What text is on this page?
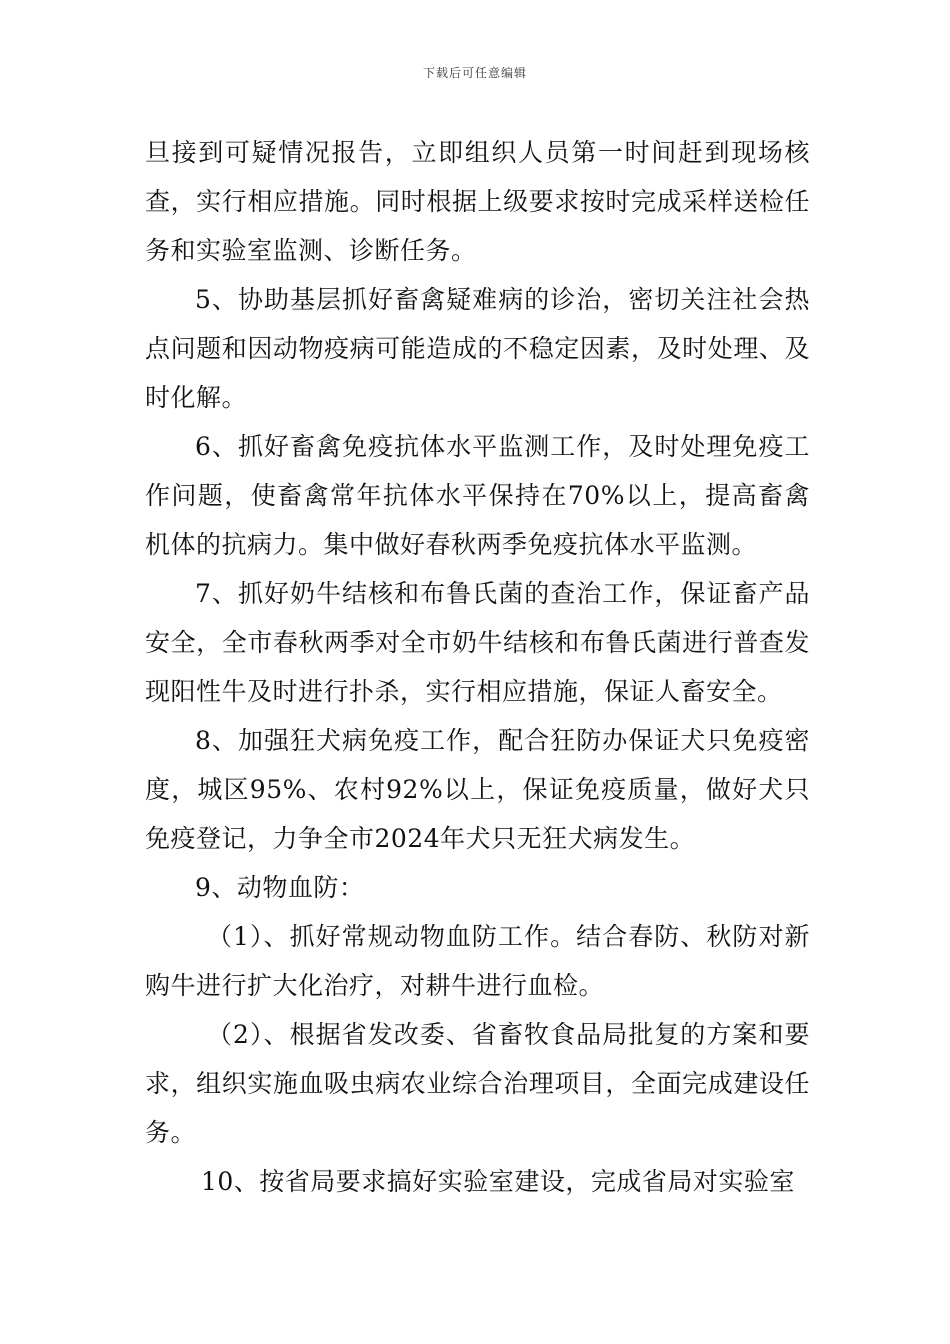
下载后可任意编辑

旦接到可疑情况报告，立即组织人员第一时间赶到现场核查，实行相应措施。同时根据上级要求按时完成采样送检任务和实验室监测、诊断任务。

5、协助基层抓好畜禽疑难病的诊治，密切关注社会热点问题和因动物疫病可能造成的不稳定因素，及时处理、及时化解。

6、抓好畜禽免疫抗体水平监测工作，及时处理免疫工作问题，使畜禽常年抗体水平保持在70%以上，提高畜禽机体的抗病力。集中做好春秋两季免疫抗体水平监测。

7、抓好奶牛结核和布鲁氏菌的查治工作，保证畜产品安全，全市春秋两季对全市奶牛结核和布鲁氏菌进行普查发现阳性牛及时进行扑杀，实行相应措施，保证人畜安全。

8、加强狂犬病免疫工作，配合狂防办保证犬只免疫密度，城区95%、农村92%以上，保证免疫质量，做好犬只免疫登记，力争全市2024年犬只无狂犬病发生。

9、动物血防：

（1）、抓好常规动物血防工作。结合春防、秋防对新购牛进行扩大化治疗，对耕牛进行血检。

（2）、根据省发改委、省畜牧食品局批复的方案和要求，组织实施血吸虫病农业综合治理项目，全面完成建设任务。

10、按省局要求搞好实验室建设，完成省局对实验室
